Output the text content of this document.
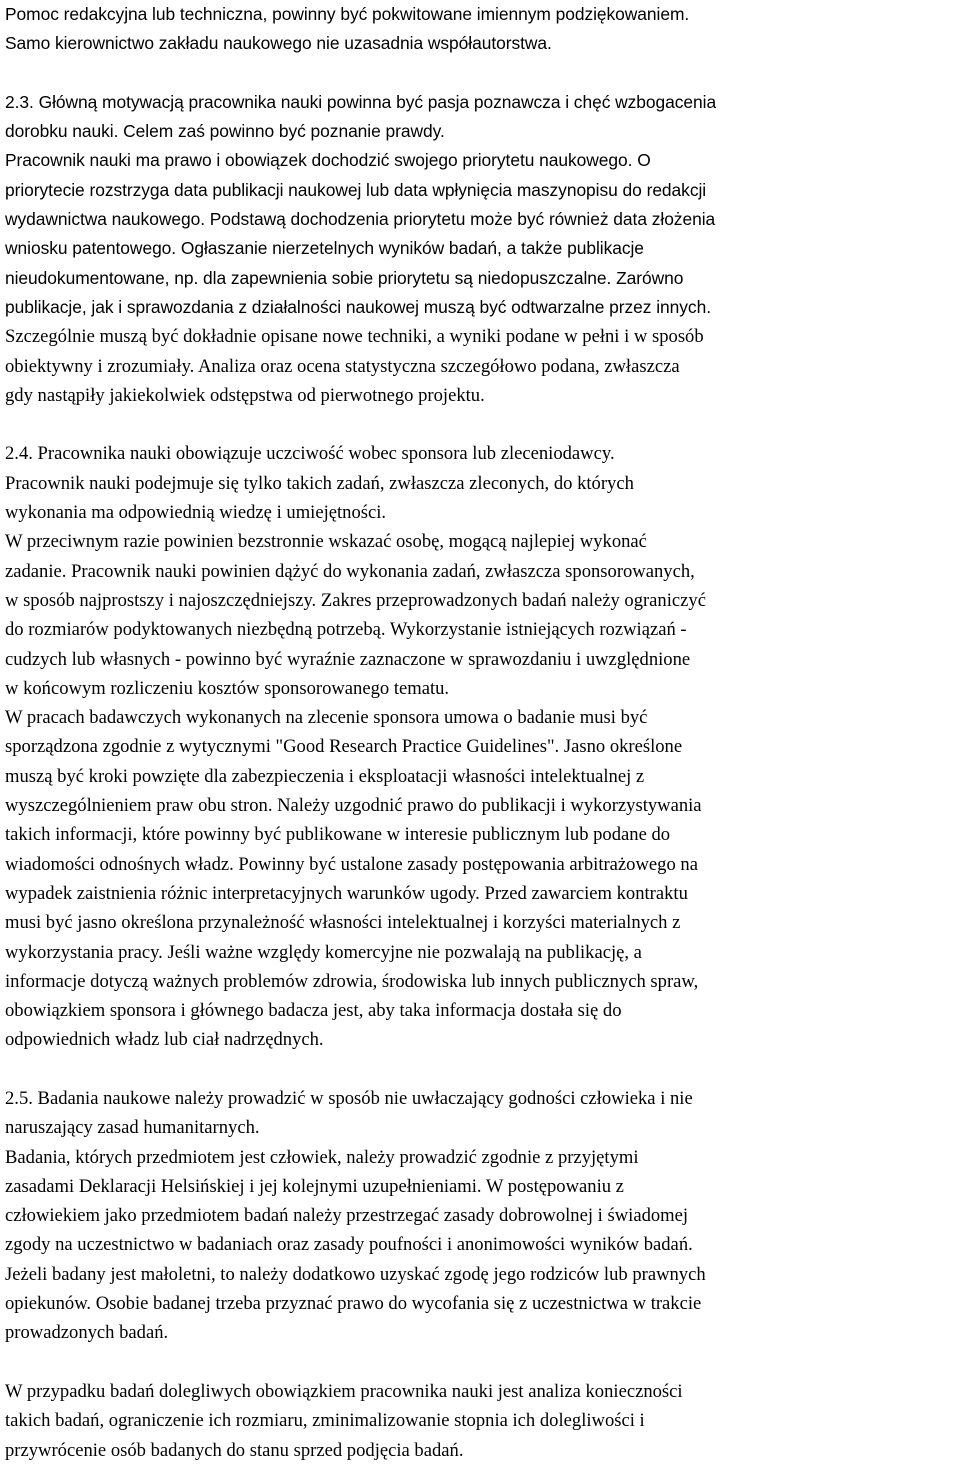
Pomoc redakcyjna lub techniczna, powinny być pokwitowane imiennym podziękowaniem.
Samo kierownictwo zakładu naukowego nie uzasadnia współautorstwa.
2.3. Główną motywacją pracownika nauki powinna być pasja poznawcza i chęć wzbogacenia
dorobku nauki. Celem zaś powinno być poznanie prawdy.
Pracownik nauki ma prawo i obowiązek dochodzić swojego priorytetu naukowego. O
priorytecie rozstrzyga data publikacji naukowej lub data wpłynięcia maszynopisu do redakcji
wydawnictwa naukowego. Podstawą dochodzenia priorytetu może być również data złożenia
wniosku patentowego. Ogłaszanie nierzetelnych wyników badań, a także publikacje
nieudokumentowane, np. dla zapewnienia sobie priorytetu są niedopuszczalne. Zarówno
publikacje, jak i sprawozdania z działalności naukowej muszą być odtwarzalne przez innych.
Szczególnie muszą być dokładnie opisane nowe techniki, a wyniki podane w pełni i w sposób
obiektywny i zrozumiały. Analiza oraz ocena statystyczna szczegółowo podana, zwłaszcza
gdy nastąpiły jakiekolwiek odstępstwa od pierwotnego projektu.
2.4. Pracownika nauki obowiązuje uczciwość wobec sponsora lub zleceniodawcy.
Pracownik nauki podejmuje się tylko takich zadań, zwłaszcza zleconych, do których
wykonania ma odpowiednią wiedzę i umiejętności.
W przeciwnym razie powinien bezstronnie wskazać osobę, mogącą najlepiej wykonać
zadanie. Pracownik nauki powinien dążyć do wykonania zadań, zwłaszcza sponsorowanych,
w sposób najprostszy i najoszczędniejszy. Zakres przeprowadzonych badań należy ograniczyć
do rozmiarów podyktowanych niezbędną potrzebą. Wykorzystanie istniejących rozwiązań -
cudzych lub własnych - powinno być wyraźnie zaznaczone w sprawozdaniu i uwzględnione
w końcowym rozliczeniu kosztów sponsorowanego tematu.
W pracach badawczych wykonanych na zlecenie sponsora umowa o badanie musi być
sporządzona zgodnie z wytycznymi "Good Research Practice Guidelines". Jasno określone
muszą być kroki powzięte dla zabezpieczenia i eksploatacji własności intelektualnej z
wyszczególnieniem praw obu stron. Należy uzgodnić prawo do publikacji i wykorzystywania
takich informacji, które powinny być publikowane w interesie publicznym lub podane do
wiadomości odnośnych władz. Powinny być ustalone zasady postępowania arbitrażowego na
wypadek zaistnienia różnic interpretacyjnych warunków ugody. Przed zawarciem kontraktu
musi być jasno określona przynależność własności intelektualnej i korzyści materialnych z
wykorzystania pracy. Jeśli ważne względy komercyjne nie pozwalają na publikację, a
informacje dotyczą ważnych problemów zdrowia, środowiska lub innych publicznych spraw,
obowiązkiem sponsora i głównego badacza jest, aby taka informacja dostała się do
odpowiednich władz lub ciał nadrzędnych.
2.5. Badania naukowe należy prowadzić w sposób nie uwłaczający godności człowieka i nie
naruszający zasad humanitarnych.
Badania, których przedmiotem jest człowiek, należy prowadzić zgodnie z przyjętymi
zasadami Deklaracji Helsińskiej i jej kolejnymi uzupełnieniami. W postępowaniu z
człowiekiem jako przedmiotem badań należy przestrzegać zasady dobrowolnej i świadomej
zgody na uczestnictwo w badaniach oraz zasady poufności i anonimowości wyników badań.
Jeżeli badany jest małoletni, to należy dodatkowo uzyskać zgodę jego rodziców lub prawnych
opiekunów. Osobie badanej trzeba przyznać prawo do wycofania się z uczestnictwa w trakcie
prowadzonych badań.
W przypadku badań dolegliwych obowiązkiem pracownika nauki jest analiza konieczności
takich badań, ograniczenie ich rozmiaru, zminimalizowanie stopnia ich dolegliwości i
przywrócenie osób badanych do stanu sprzed podjęcia badań.
